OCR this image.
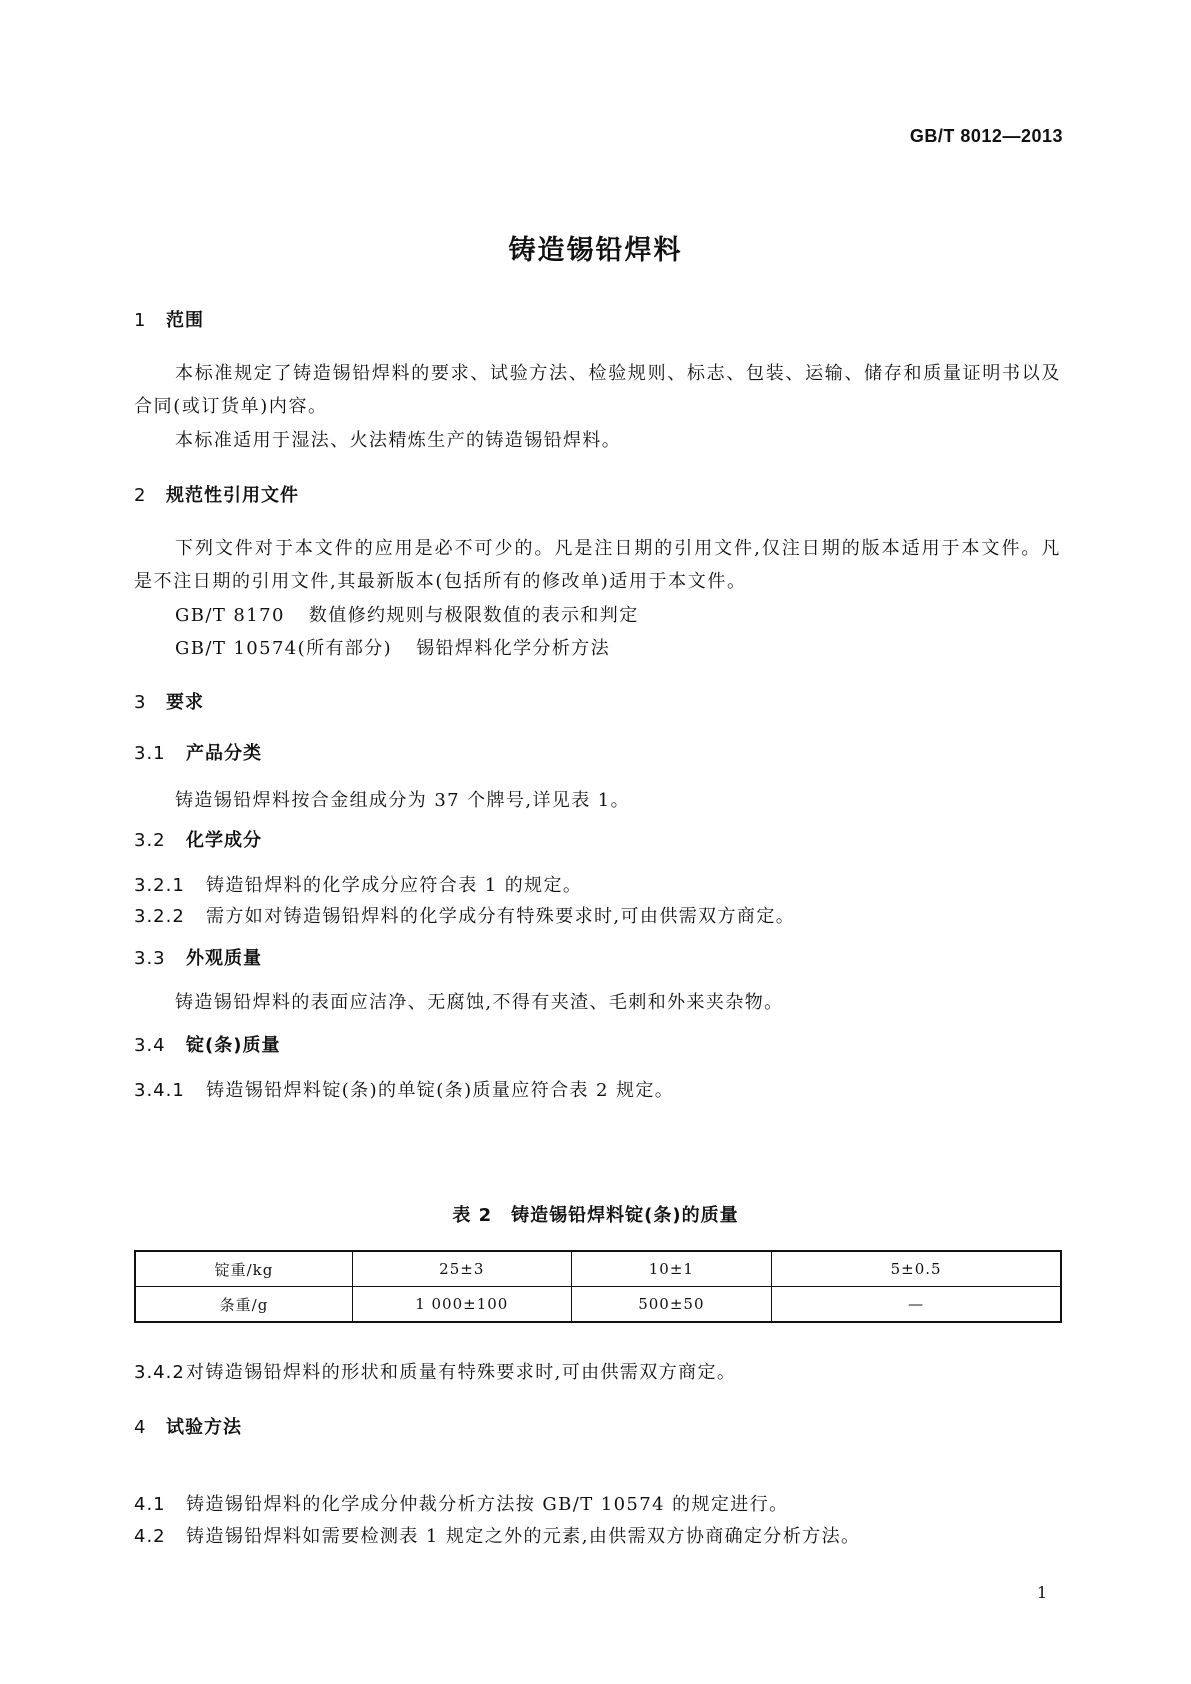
GB/T 8012—2013
铸造锡铅焊料
1 范围
本标准规定了铸造锡铅焊料的要求、试验方法、检验规则、标志、包装、运输、储存和质量证明书以及合同(或订货单)内容。
本标准适用于湿法、火法精炼生产的铸造锡铅焊料。
2 规范性引用文件
下列文件对于本文件的应用是必不可少的。凡是注日期的引用文件,仅注日期的版本适用于本文件。凡是不注日期的引用文件,其最新版本(包括所有的修改单)适用于本文件。
GB/T 8170 数值修约规则与极限数值的表示和判定
GB/T 10574(所有部分) 锡铅焊料化学分析方法
3 要求
3.1 产品分类
铸造锡铅焊料按合金组成分为 37 个牌号,详见表 1。
3.2 化学成分
3.2.1 铸造铅焊料的化学成分应符合表 1 的规定。
3.2.2 需方如对铸造锡铅焊料的化学成分有特殊要求时,可由供需双方商定。
3.3 外观质量
铸造锡铅焊料的表面应洁净、无腐蚀,不得有夹渣、毛刺和外来夹杂物。
3.4 锭(条)质量
3.4.1 铸造锡铅焊料锭(条)的单锭(条)质量应符合表 2 规定。
表 2　铸造锡铅焊料锭(条)的质量
锭重/kg	25±3	10±1	5±0.5
条重/g	1 000±100	500±50	—
3.4.2对铸造锡铅焊料的形状和质量有特殊要求时,可由供需双方商定。
4 试验方法
4.1 铸造锡铅焊料的化学成分仲裁分析方法按 GB/T 10574 的规定进行。
4.2 铸造锡铅焊料如需要检测表 1 规定之外的元素,由供需双方协商确定分析方法。
1
